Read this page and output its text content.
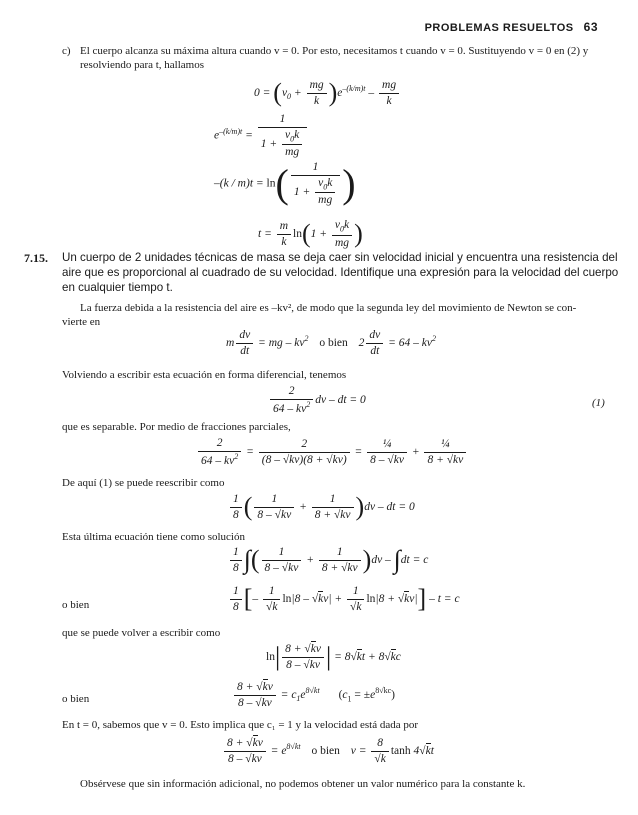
PROBLEMAS RESUELTOS 63
c) El cuerpo alcanza su máxima altura cuando v = 0. Por esto, necesitamos t cuando v = 0. Sustituyendo v = 0 en (2) y
resolviendo para t, hallamos
$0 = (v_0 + \frac{mg}{k} )e^{-(k/m)t} - \frac{mg}{k}$
$e^{-(k/m)t} = \frac{1}{1 + \frac{v_0k}{mg}}$
$-(k / m)t = \ln( \frac{1}{1 + \frac{v_0k}{mg}}$ )
$t = \frac{m}{k} \ln(1 + \frac{v_0k}{mg}$ )
7.15. Un cuerpo de 2 unidades técnicas de masa se deja caer sin velocidad inicial y encuentra una resistencia del
aire que es proporcional al cuadrado de su velocidad. Identifique una expresión para la velocidad del cuerpo
en cualquier tiempo t.
La fuerza debida a la resistencia del aire es –kv², de modo que la segunda ley del movimiento de Newton se con-
vierte en
m $\frac{dv}{dt}$ = mg – $kv^2$ o bien $2 \frac{dv}{dt} = 64 - kv^2$
Volviendo a escribir esta ecuación en forma diferencial, tenemos
$\frac{2}{64 - kv^2}$ dv – dt = 0	(1)
que es separable. Por medio de fracciones parciales,
$\frac{2}{64 - kv^2} = \frac{2}{(8 - √kv)(8 + √kv)} = \frac{\text{¼}}{8 - √kv} + \frac{\text{¼}}{8 + √kv}$
De aquí (1) se puede reescribir como
$\frac{1}{8}$ ( $\frac{1}{8 - √kv} + \frac{1}{8 + √kv} )dv$ – dt = 0
Esta última ecuación tiene como solución
$\frac{1}{8}$ ∫( $\frac{1}{8 - √kv} + \frac{1}{8 + √kv} )dv - \int dt = c$
o bien	$\frac{1}{8}$ [– $\frac{1}{√k} \ln|8 - √kv| + \frac{1}{√k} \ln|8 + √kv|] - t = c$
que se puede volver a escribir como
$\ln| \frac{8 + √kv}{8 - √kv}$ | = 8√kt + 8√kc
o bien	$\frac{8 + √kv}{8 - √kv} = c_1e^{8√kt}$ $(c_1 = \pm e^{8√kc})$
En t = 0, sabemos que v = 0. Esto implica que c₁ = 1 y la velocidad está dada por
$\frac{8 + √kv}{8 - √kv} = e^{8√kt}$ o bien $v = \frac{8}{√k}$ tanh 4√kt
Obsérvese que sin información adicional, no podemos obtener un valor numérico para la constante k.
